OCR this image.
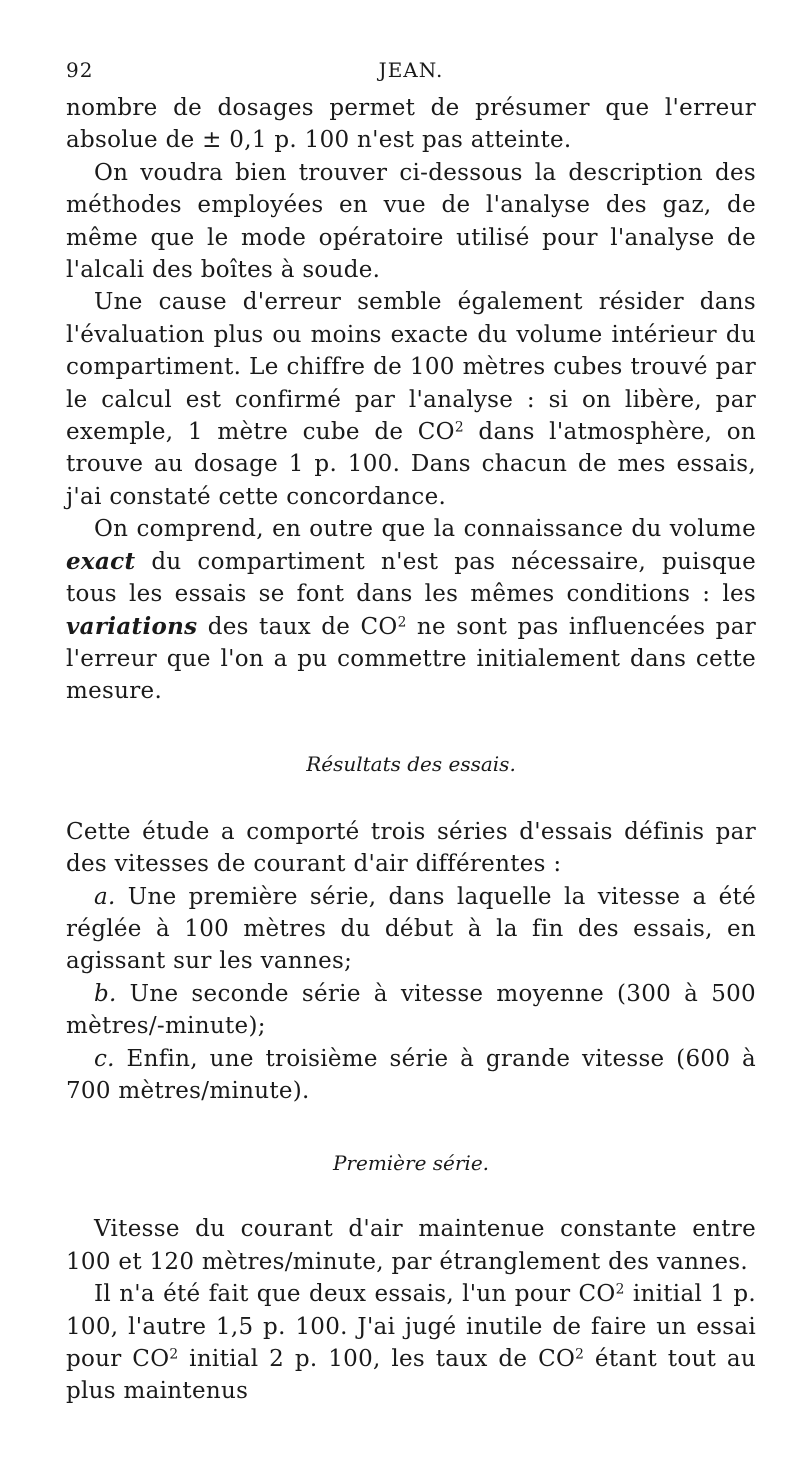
92	JEAN.

nombre de dosages permet de présumer que l'erreur absolue de ± 0,1 p. 100 n'est pas atteinte.

On voudra bien trouver ci-dessous la description des méthodes employées en vue de l'analyse des gaz, de même que le mode opératoire utilisé pour l'analyse de l'alcali des boîtes à soude.

Une cause d'erreur semble également résider dans l'évaluation plus ou moins exacte du volume intérieur du compartiment. Le chiffre de 100 mètres cubes trouvé par le calcul est confirmé par l'analyse : si on libère, par exemple, 1 mètre cube de $CO^2$ dans l'atmosphère, on trouve au dosage 1 p. 100. Dans chacun de mes essais, j'ai constaté cette concordance.

On comprend, en outre que la connaissance du volume exact du compartiment n'est pas nécessaire, puisque tous les essais se font dans les mêmes conditions : les variations des taux de $CO^2$ ne sont pas influencées par l'erreur que l'on a pu commettre initialement dans cette mesure.

Résultats des essais.

Cette étude a comporté trois séries d'essais définis par des vitesses de courant d'air différentes :

a. Une première série, dans laquelle la vitesse a été réglée à 100 mètres du début à la fin des essais, en agissant sur les vannes;

b. Une seconde série à vitesse moyenne (300 à 500 mètres/-minute);

c. Enfin, une troisième série à grande vitesse (600 à 700 mètres/minute).

Première série.

Vitesse du courant d'air maintenue constante entre 100 et 120 mètres/minute, par étranglement des vannes.

Il n'a été fait que deux essais, l'un pour $CO^2$ initial 1 p. 100, l'autre 1,5 p. 100. J'ai jugé inutile de faire un essai pour $CO^2$ initial 2 p. 100, les taux de $CO^2$ étant tout au plus maintenus
